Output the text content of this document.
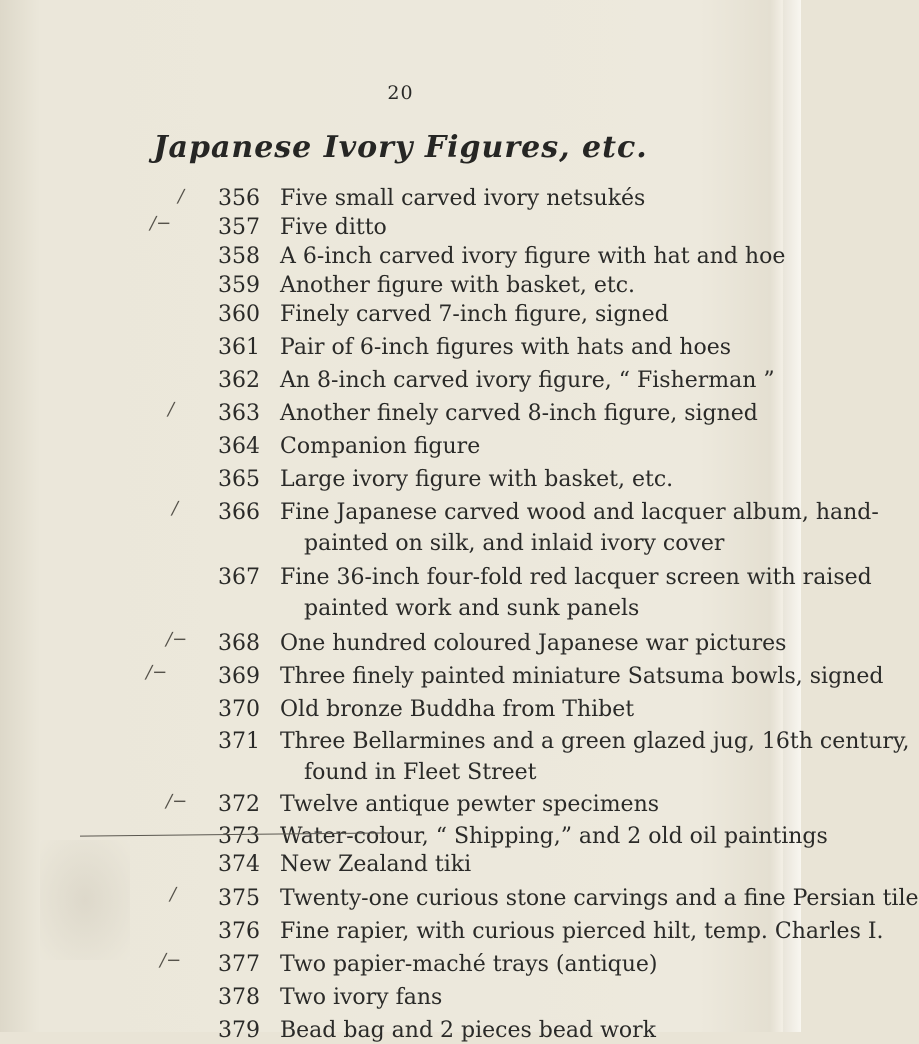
20
Japanese Ivory Figures, etc.
356 Five small carved ivory netsukés
357 Five ditto
358 A 6-inch carved ivory figure with hat and hoe
359 Another figure with basket, etc.
360 Finely carved 7-inch figure, signed
361 Pair of 6-inch figures with hats and hoes
362 An 8-inch carved ivory figure, “ Fisherman ”
363 Another finely carved 8-inch figure, signed
364 Companion figure
365 Large ivory figure with basket, etc.
366 Fine Japanese carved wood and lacquer album, hand-
painted on silk, and inlaid ivory cover
367 Fine 36-inch four-fold red lacquer screen with raised
painted work and sunk panels
368 One hundred coloured Japanese war pictures
369 Three finely painted miniature Satsuma bowls, signed
370 Old bronze Buddha from Thibet
371 Three Bellarmines and a green glazed jug, 16th century,
found in Fleet Street
372 Twelve antique pewter specimens
373 Water-colour, “ Shipping,” and 2 old oil paintings
374 New Zealand tiki
375 Twenty-one curious stone carvings and a fine Persian tile
376 Fine rapier, with curious pierced hilt, temp. Charles I.
377 Two papier-maché trays (antique)
378 Two ivory fans
379 Bead bag and 2 pieces bead work
∕
∕−
∕
∕
∕−
∕−
∕−
∕
∕−
